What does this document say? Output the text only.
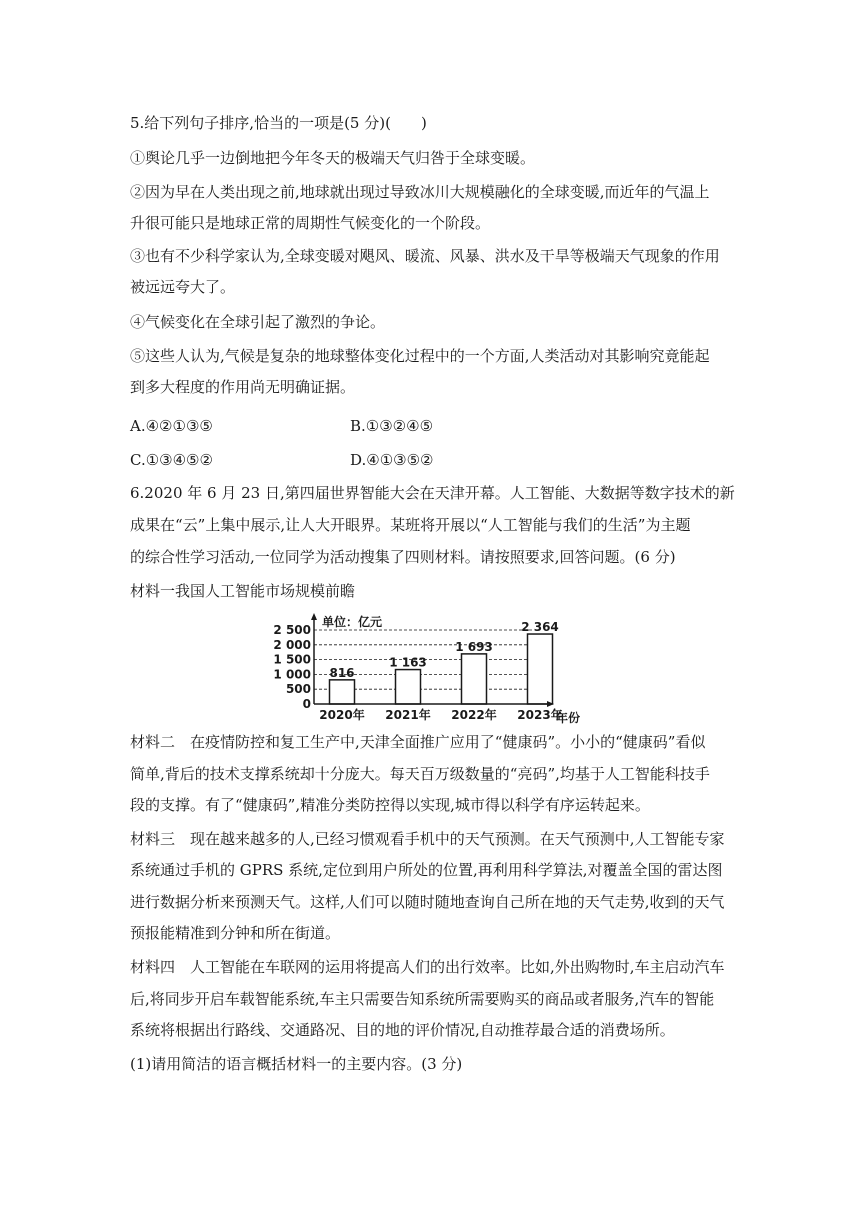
5.给下列句子排序,恰当的一项是(5 分)(　　)
①舆论几乎一边倒地把今年冬天的极端天气归咎于全球变暖。
②因为早在人类出现之前,地球就出现过导致冰川大规模融化的全球变暖,而近年的气温上
升很可能只是地球正常的周期性气候变化的一个阶段。
③也有不少科学家认为,全球变暖对飓风、暖流、风暴、洪水及干旱等极端天气现象的作用
被远远夸大了。
④气候变化在全球引起了激烈的争论。
⑤这些人认为,气候是复杂的地球整体变化过程中的一个方面,人类活动对其影响究竟能起
到多大程度的作用尚无明确证据。
A.④②①③⑤	B.①③②④⑤
C.①③④⑤②	D.④①③⑤②
6.2020 年 6 月 23 日,第四届世界智能大会在天津开幕。人工智能、大数据等数字技术的新
成果在“云”上集中展示,让人大开眼界。某班将开展以“人工智能与我们的生活”为主题
的综合性学习活动,一位同学为活动搜集了四则材料。请按照要求,回答问题。(6 分)
材料一我国人工智能市场规模前瞻
0
500
1 000
1 500
2 000
2 500
816
1 163
1 693
2 364
2020年 2021年 2022年 2023年
单位：亿元
年份
材料二　在疫情防控和复工生产中,天津全面推广应用了“健康码”。小小的“健康码”看似
简单,背后的技术支撑系统却十分庞大。每天百万级数量的“亮码”,均基于人工智能科技手
段的支撑。有了“健康码”,精准分类防控得以实现,城市得以科学有序运转起来。
材料三　现在越来越多的人,已经习惯观看手机中的天气预测。在天气预测中,人工智能专家
系统通过手机的 GPRS 系统,定位到用户所处的位置,再利用科学算法,对覆盖全国的雷达图
进行数据分析来预测天气。这样,人们可以随时随地查询自己所在地的天气走势,收到的天气
预报能精准到分钟和所在街道。
材料四　人工智能在车联网的运用将提高人们的出行效率。比如,外出购物时,车主启动汽车
后,将同步开启车载智能系统,车主只需要告知系统所需要购买的商品或者服务,汽车的智能
系统将根据出行路线、交通路况、目的地的评价情况,自动推荐最合适的消费场所。
(1)请用简洁的语言概括材料一的主要内容。(3 分)
